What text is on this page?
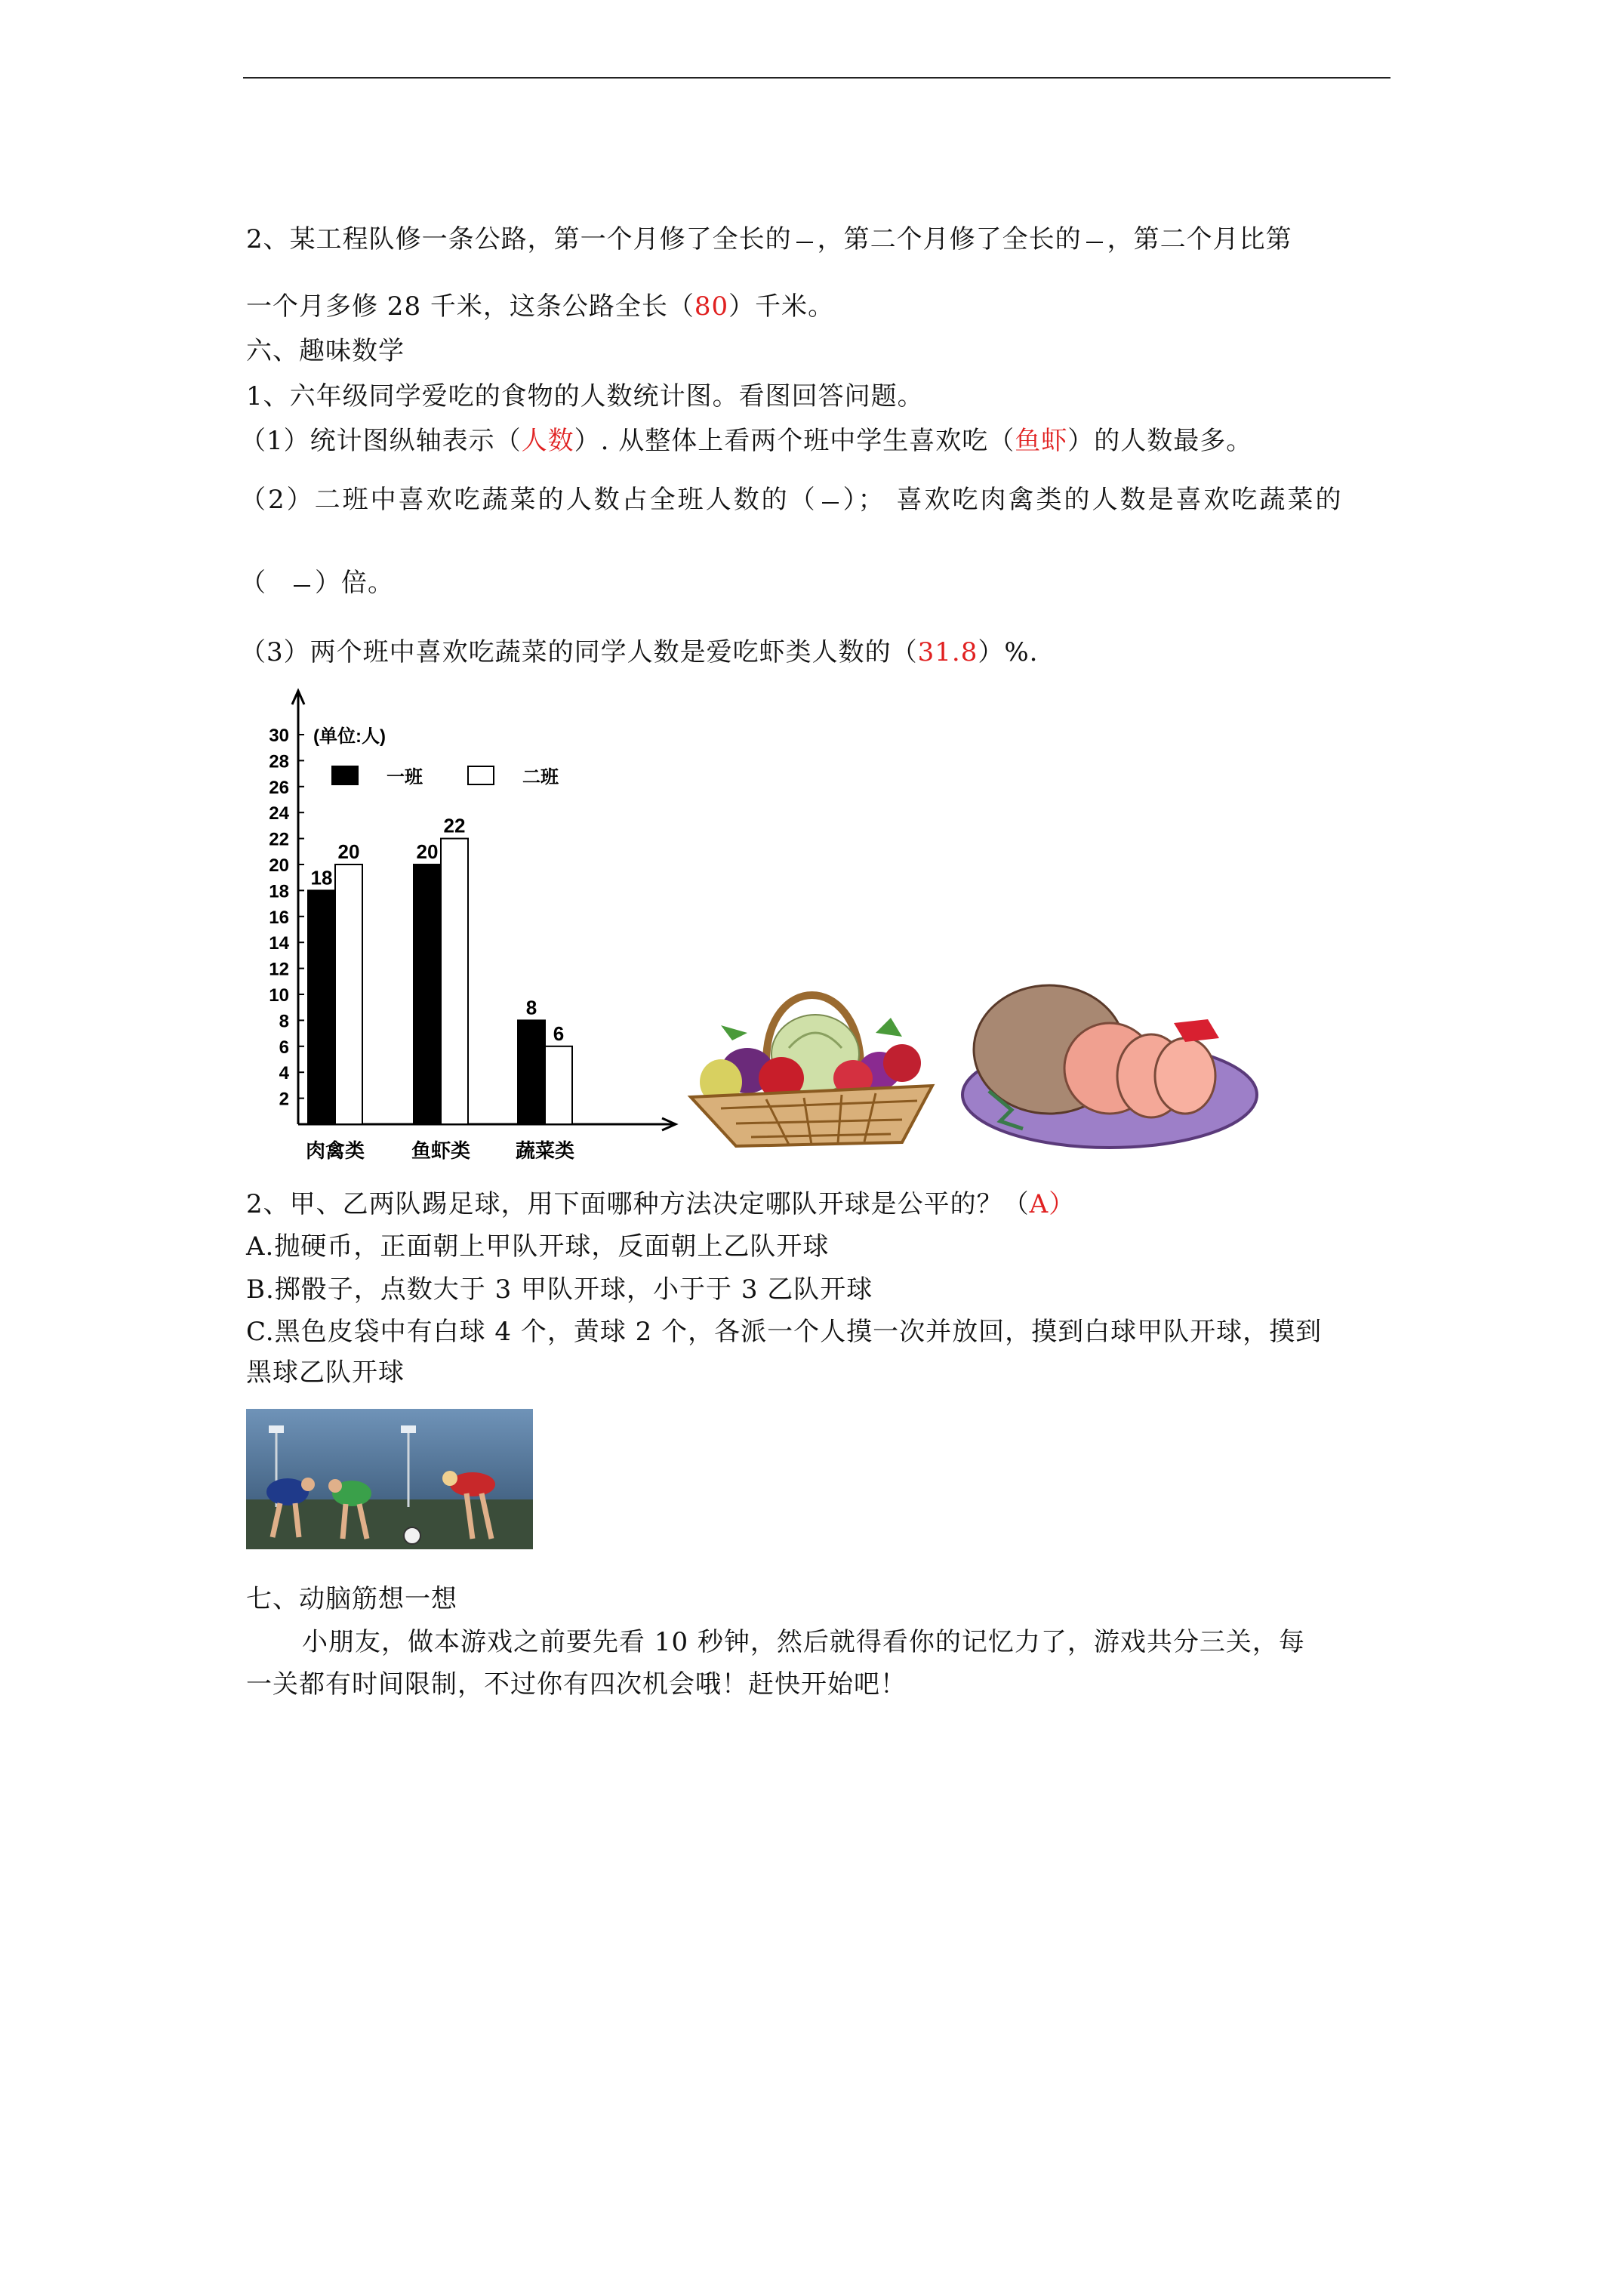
2、某工程队修一条公路，第一个月修了全长的 ，第二个月修了全长的 ，第二个月比第
一个月多修 28 千米，这条公路全长（80）千米。
六、趣味数学
1、六年级同学爱吃的食物的人数统计图。看图回答问题。
（1）统计图纵轴表示（人数）. 从整体上看两个班中学生喜欢吃（鱼虾）的人数最多。
（2）二班中喜欢吃蔬菜的人数占全班人数的（ ）； 喜欢吃肉禽类的人数是喜欢吃蔬菜的
（ ）倍。
（3）两个班中喜欢吃蔬菜的同学人数是爱吃虾类人数的（31.8）%.
2
4
6
8
10
12
14
16
18
20
22
24
26
28
30 (单位:人)
一班	二班
18
20
肉禽类
20
22
鱼虾类
8
6
蔬菜类
2、甲、乙两队踢足球，用下面哪种方法决定哪队开球是公平的？（A）
A.抛硬币，正面朝上甲队开球，反面朝上乙队开球
B.掷骰子，点数大于 3 甲队开球，小于于 3 乙队开球
C.黑色皮袋中有白球 4 个，黄球 2 个，各派一个人摸一次并放回，摸到白球甲队开球，摸到
黑球乙队开球
七、动脑筋想一想
小朋友，做本游戏之前要先看 10 秒钟，然后就得看你的记忆力了，游戏共分三关，每
一关都有时间限制，不过你有四次机会哦！赶快开始吧！
